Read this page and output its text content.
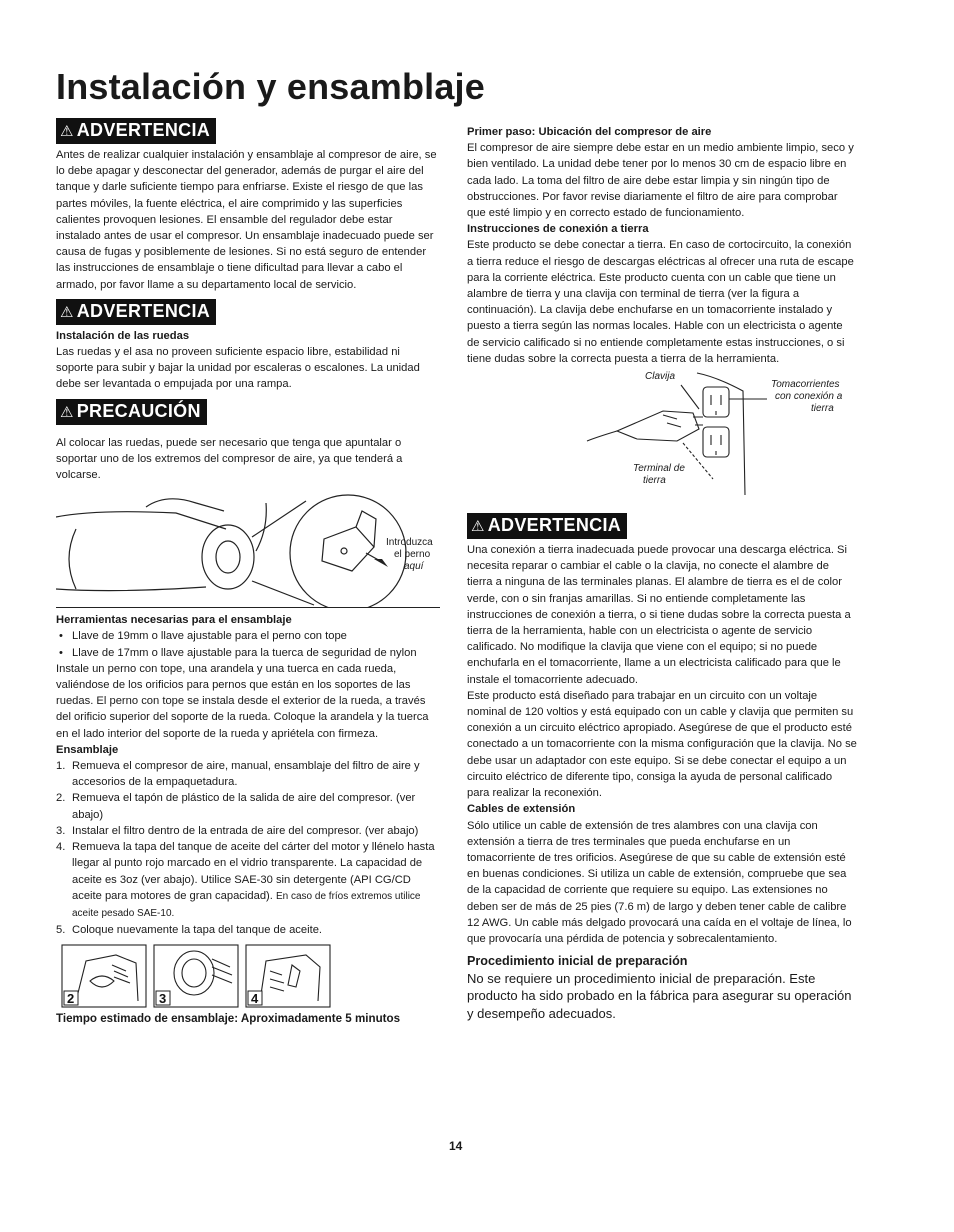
Instalación y ensamblaje
⚠ ADVERTENCIA

Antes de realizar cualquier instalación y ensamblaje al compresor de aire, se lo debe apagar y desconectar del generador, además de purgar el aire del tanque y darle suficiente tiempo para enfriarse. Existe el riesgo de que las partes móviles, la fuente eléctrica, el aire comprimido y las superficies calientes provoquen lesiones. El ensamble del regulador debe estar instalado antes de usar el compresor. Un ensamblaje inadecuado puede ser causa de fugas y posiblemente de lesiones. Si no está seguro de entender las instrucciones de ensamblaje o tiene dificultad para llevar a cabo el armado, por favor llame a su departamento local de servicio.

⚠ ADVERTENCIA

Instalación de las ruedas

Las ruedas y el asa no proveen suficiente espacio libre, estabilidad ni soporte para subir y bajar la unidad por escaleras o escalones. La unidad debe ser levantada o empujada por una rampa.

⚠ PRECAUCIÓN

Al colocar las ruedas, puede ser necesario que tenga que apuntalar o soportar uno de los extremos del compresor de aire, ya que tenderá a volcarse.

Introduzca
el perno
aquí

Herramientas necesarias para el ensamblaje

• Llave de 19mm o llave ajustable para el perno con tope
• Llave de 17mm o llave ajustable para la tuerca de seguridad de nylon

Instale un perno con tope, una arandela y una tuerca en cada rueda, valiéndose de los orificios para pernos que están en los soportes de las ruedas. El perno con tope se instala desde el exterior de la rueda, a través del orificio superior del soporte de la rueda. Coloque la arandela y la tuerca en el lado interior del soporte de la rueda y apriétela con firmeza.

Ensamblaje

1. Remueva el compresor de aire, manual, ensamblaje del filtro de aire y accesorios de la empaquetadura.
2. Remueva el tapón de plástico de la salida de aire del compresor. (ver abajo)
3. Instalar el filtro dentro de la entrada de aire del compresor. (ver abajo)
4. Remueva la tapa del tanque de aceite del cárter del motor y llénelo hasta llegar al punto rojo marcado en el vidrio transparente. La capacidad de aceite es 3oz (ver abajo). Utilice SAE-30 sin detergente (API CG/CD aceite para motores de gran capacidad). En caso de fríos extremos utilice aceite pesado SAE-10.
5. Coloque nuevamente la tapa del tanque de aceite.
2	3	4

Tiempo estimado de ensamblaje: Aproximadamente 5 minutos

Primer paso: Ubicación del compresor de aire

El compresor de aire siempre debe estar en un medio ambiente limpio, seco y bien ventilado. La unidad debe tener por lo menos 30 cm de espacio libre en cada lado. La toma del filtro de aire debe estar limpia y sin ningún tipo de obstrucciones. Por favor revise diariamente el filtro de aire para comprobar que esté limpio y en correcto estado de funcionamiento.

Instrucciones de conexión a tierra

Este producto se debe conectar a tierra. En caso de cortocircuito, la conexión a tierra reduce el riesgo de descargas eléctricas al ofrecer una ruta de escape para la corriente eléctrica. Este producto cuenta con un cable que tiene un alambre de tierra y una clavija con terminal de tierra (ver la figura a continuación). La clavija debe enchufarse en un tomacorriente instalado y puesto a tierra según las normas locales. Hable con un electricista o agente de servicio calificado si no entiende completamente estas instrucciones, o si tiene dudas sobre la correcta puesta a tierra de la herramienta.

Clavija
Tomacorrientes
con conexión a
tierra
Terminal de
tierra
⚠ ADVERTENCIA

Una conexión a tierra inadecuada puede provocar una descarga eléctrica. Si necesita reparar o cambiar el cable o la clavija, no conecte el alambre de tierra a ninguna de las terminales planas. El alambre de tierra es el de color verde, con o sin franjas amarillas. Si no entiende completamente las instrucciones de conexión a tierra, o si tiene dudas sobre la correcta puesta a tierra de la herramienta, hable con un electricista o agente de servicio calificado. No modifique la clavija que viene con el equipo; si no puede enchufarla en el tomacorriente, llame a un electricista calificado para que le instale el tomacorriente adecuado.

Este producto está diseñado para trabajar en un circuito con un voltaje nominal de 120 voltios y está equipado con un cable y clavija que permiten su conexión a un circuito eléctrico apropiado. Asegúrese de que el producto esté conectado a un tomacorriente con la misma configuración que la clavija. No se debe usar un adaptador con este equipo. Si se debe conectar el equipo a un circuito eléctrico de diferente tipo, consiga la ayuda de personal calificado para realizar la reconexión.

Cables de extensión

Sólo utilice un cable de extensión de tres alambres con una clavija con extensión a tierra de tres terminales que pueda enchufarse en un tomacorriente de tres orificios. Asegúrese de que su cable de extensión esté en buenas condiciones. Si utiliza un cable de extensión, compruebe que sea de la capacidad de corriente que requiere su equipo. Las extensiones no deben ser de más de 25 pies (7.6 m) de largo y deben tener cable de calibre 12 AWG. Un cable más delgado provocará una caída en el voltaje de línea, lo que provocaría una pérdida de potencia y sobrecalentamiento.

Procedimiento inicial de preparación

No se requiere un procedimiento inicial de preparación. Este producto ha sido probado en la fábrica para asegurar su operación y desempeño adecuados.

14
